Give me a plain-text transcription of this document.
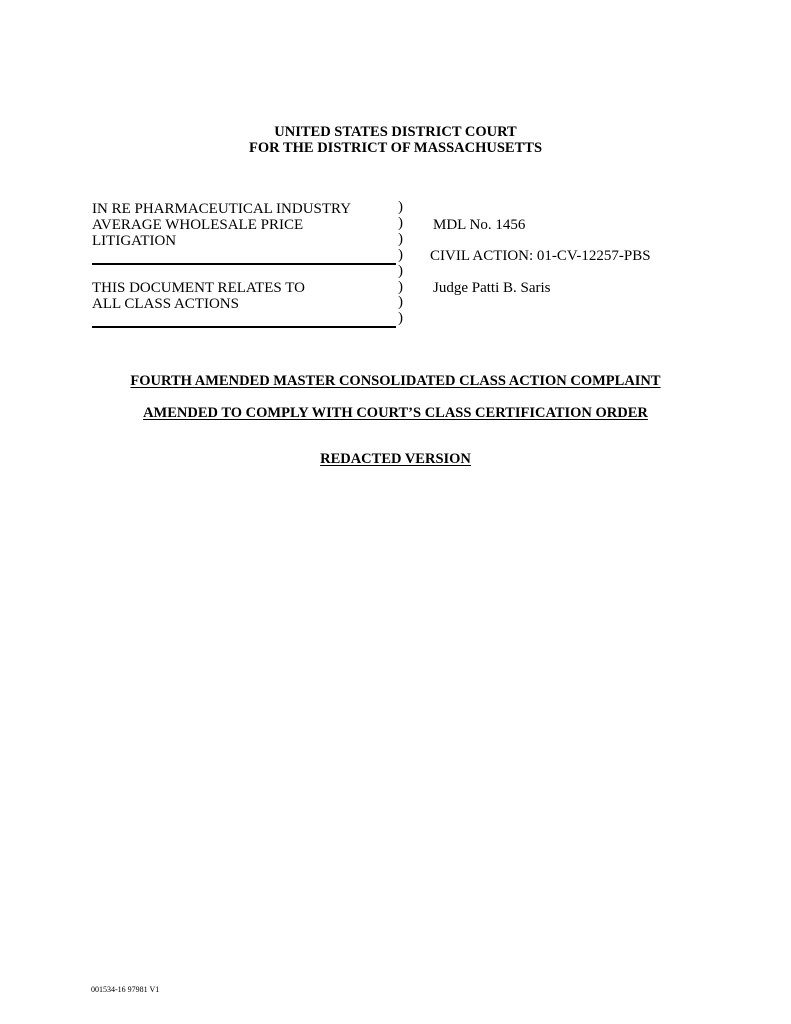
UNITED STATES DISTRICT COURT
FOR THE DISTRICT OF MASSACHUSETTS
IN RE PHARMACEUTICAL INDUSTRY
AVERAGE WHOLESALE PRICE
LITIGATION
THIS DOCUMENT RELATES TO
ALL CLASS ACTIONS
)
)
)
)
)
)
)
)
MDL No. 1456
CIVIL ACTION: 01-CV-12257-PBS
Judge Patti B. Saris
FOURTH AMENDED MASTER CONSOLIDATED CLASS ACTION COMPLAINT
AMENDED TO COMPLY WITH COURT’S CLASS CERTIFICATION ORDER
REDACTED VERSION
001534-16 97981 V1
